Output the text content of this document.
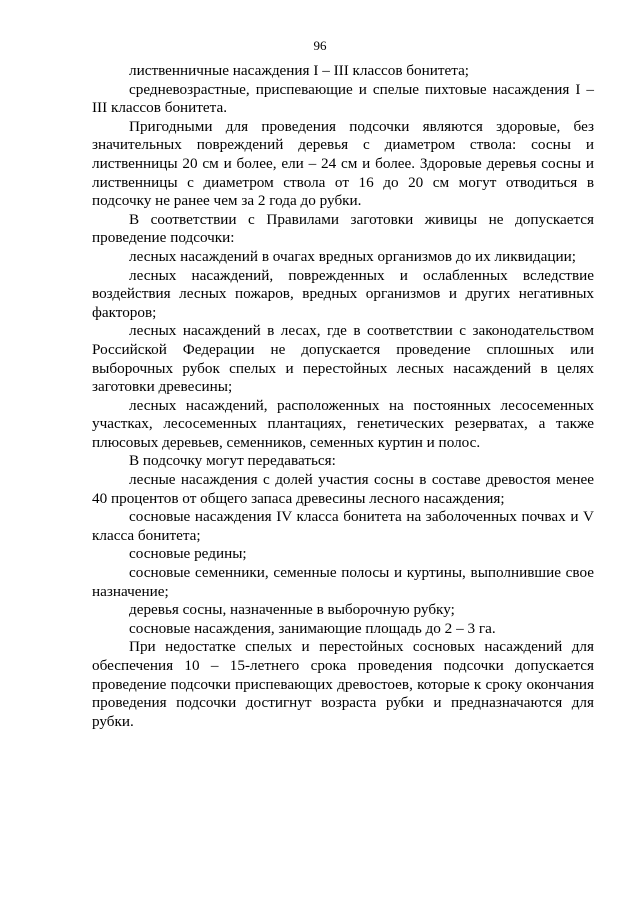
96

лиственничные насаждения I – III классов бонитета;

средневозрастные, приспевающие и спелые пихтовые насаждения I – III классов бонитета.

Пригодными для проведения подсочки являются здоровые, без значительных повреждений деревья с диаметром ствола: сосны и лиственницы 20 см и более, ели – 24 см и более. Здоровые деревья сосны и лиственницы с диаметром ствола от 16 до 20 см могут отводиться в подсочку не ранее чем за 2 года до рубки.

В соответствии с Правилами заготовки живицы не допускается проведение подсочки:

лесных насаждений в очагах вредных организмов до их ликвидации;

лесных насаждений, поврежденных и ослабленных вследствие воздействия лесных пожаров, вредных организмов и других негативных факторов;

лесных насаждений в лесах, где в соответствии с законодательством Российской Федерации не допускается проведение сплошных или выборочных рубок спелых и перестойных лесных насаждений в целях заготовки древесины;

лесных насаждений, расположенных на постоянных лесосеменных участках, лесосеменных плантациях, генетических резерватах, а также плюсовых деревьев, семенников, семенных куртин и полос.

В подсочку могут передаваться:

лесные насаждения с долей участия сосны в составе древостоя менее 40 процентов от общего запаса древесины лесного насаждения;

сосновые насаждения IV класса бонитета на заболоченных почвах и V класса бонитета;

сосновые редины;

сосновые семенники, семенные полосы и куртины, выполнившие свое назначение;

деревья сосны, назначенные в выборочную рубку;

сосновые насаждения, занимающие площадь до 2 – 3 га.

При недостатке спелых и перестойных сосновых насаждений для обеспечения 10 – 15-летнего срока проведения подсочки допускается проведение подсочки приспевающих древостоев, которые к сроку окончания проведения подсочки достигнут возраста рубки и предназначаются для рубки.
